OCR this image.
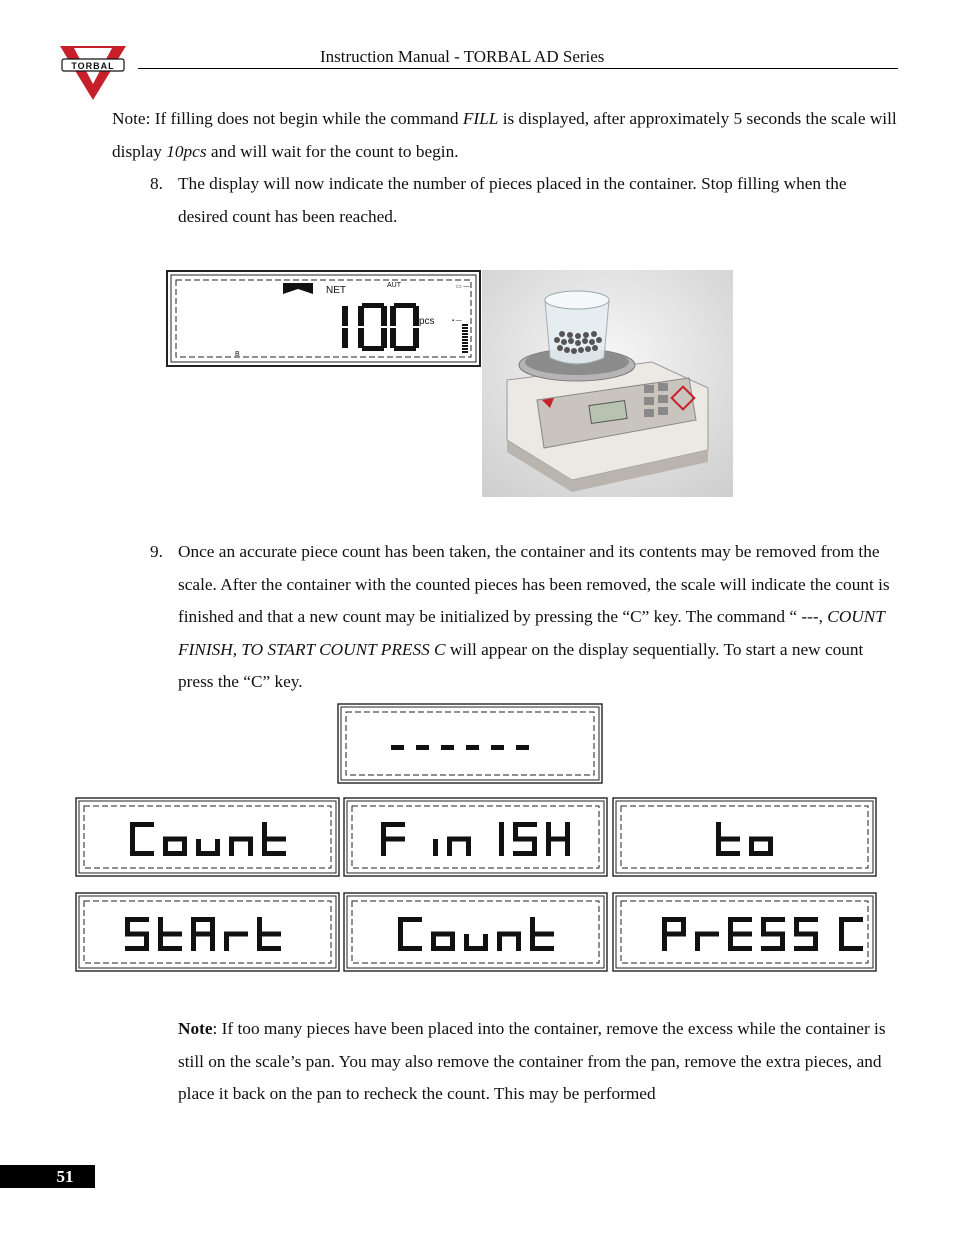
TORBAL	Instruction Manual - TORBAL AD Series
Note: If filling does not begin while the command FILL is displayed, after approximately 5 seconds the scale will display 10pcs and will wait for the count to begin.
8. The display will now indicate the number of pieces placed in the container. Stop filling when the desired count has been reached.
NET	AUT	▭ —
pcs
B
▪ —
9. Once an accurate piece count has been taken, the container and its contents may be removed from the scale. After the container with the counted pieces has been removed, the scale will indicate the count is finished and that a new count may be initialized by pressing the “C” key. The command “ ---, COUNT FINISH, TO START COUNT PRESS C will appear on the display sequentially. To start a new count press the “C” key.
Note: If too many pieces have been placed into the container, remove the excess while the container is still on the scale’s pan. You may also remove the container from the pan, remove the extra pieces, and place it back on the pan to recheck the count. This may be performed
51
